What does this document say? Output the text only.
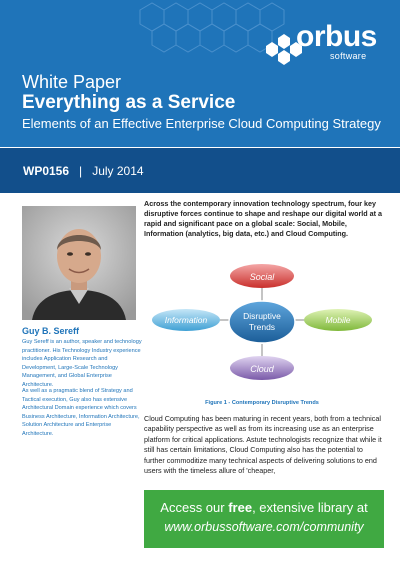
orbus
software
White Paper
Everything as a Service
Elements of an Effective Enterprise Cloud Computing Strategy
WP0156 | July 2014
Guy B. Sereff
Guy Sereff is an author, speaker and technology practitioner. His Technology Industry experience includes Application Research and Development, Large-Scale Technology Management, and Global Enterprise Architecture.
As well as a pragmatic blend of Strategy and Tactical execution, Guy also has extensive Architectural Domain experience which covers Business Architecture, Information Architecture, Solution Architecture and Enterprise Architecture.
Across the contemporary innovation technology spectrum, four key disruptive forces continue to shape and reshape our digital world at a rapid and significant pace on a global scale: Social, Mobile, Information (analytics, big data, etc.) and Cloud Computing.
Social
Information	Mobile
Cloud
Disruptive
Trends
Figure 1 - Contemporary Disruptive Trends
Cloud Computing has been maturing in recent years, both from a technical capability perspective as well as from its increasing use as an enterprise platform for critical applications. Astute technologists recognize that while it still has certain limitations, Cloud Computing also has the potential to further commoditize many technical aspects of delivering solutions to end users with the timeless allure of 'cheaper,
Access our free, extensive library at
www.orbussoftware.com/community
